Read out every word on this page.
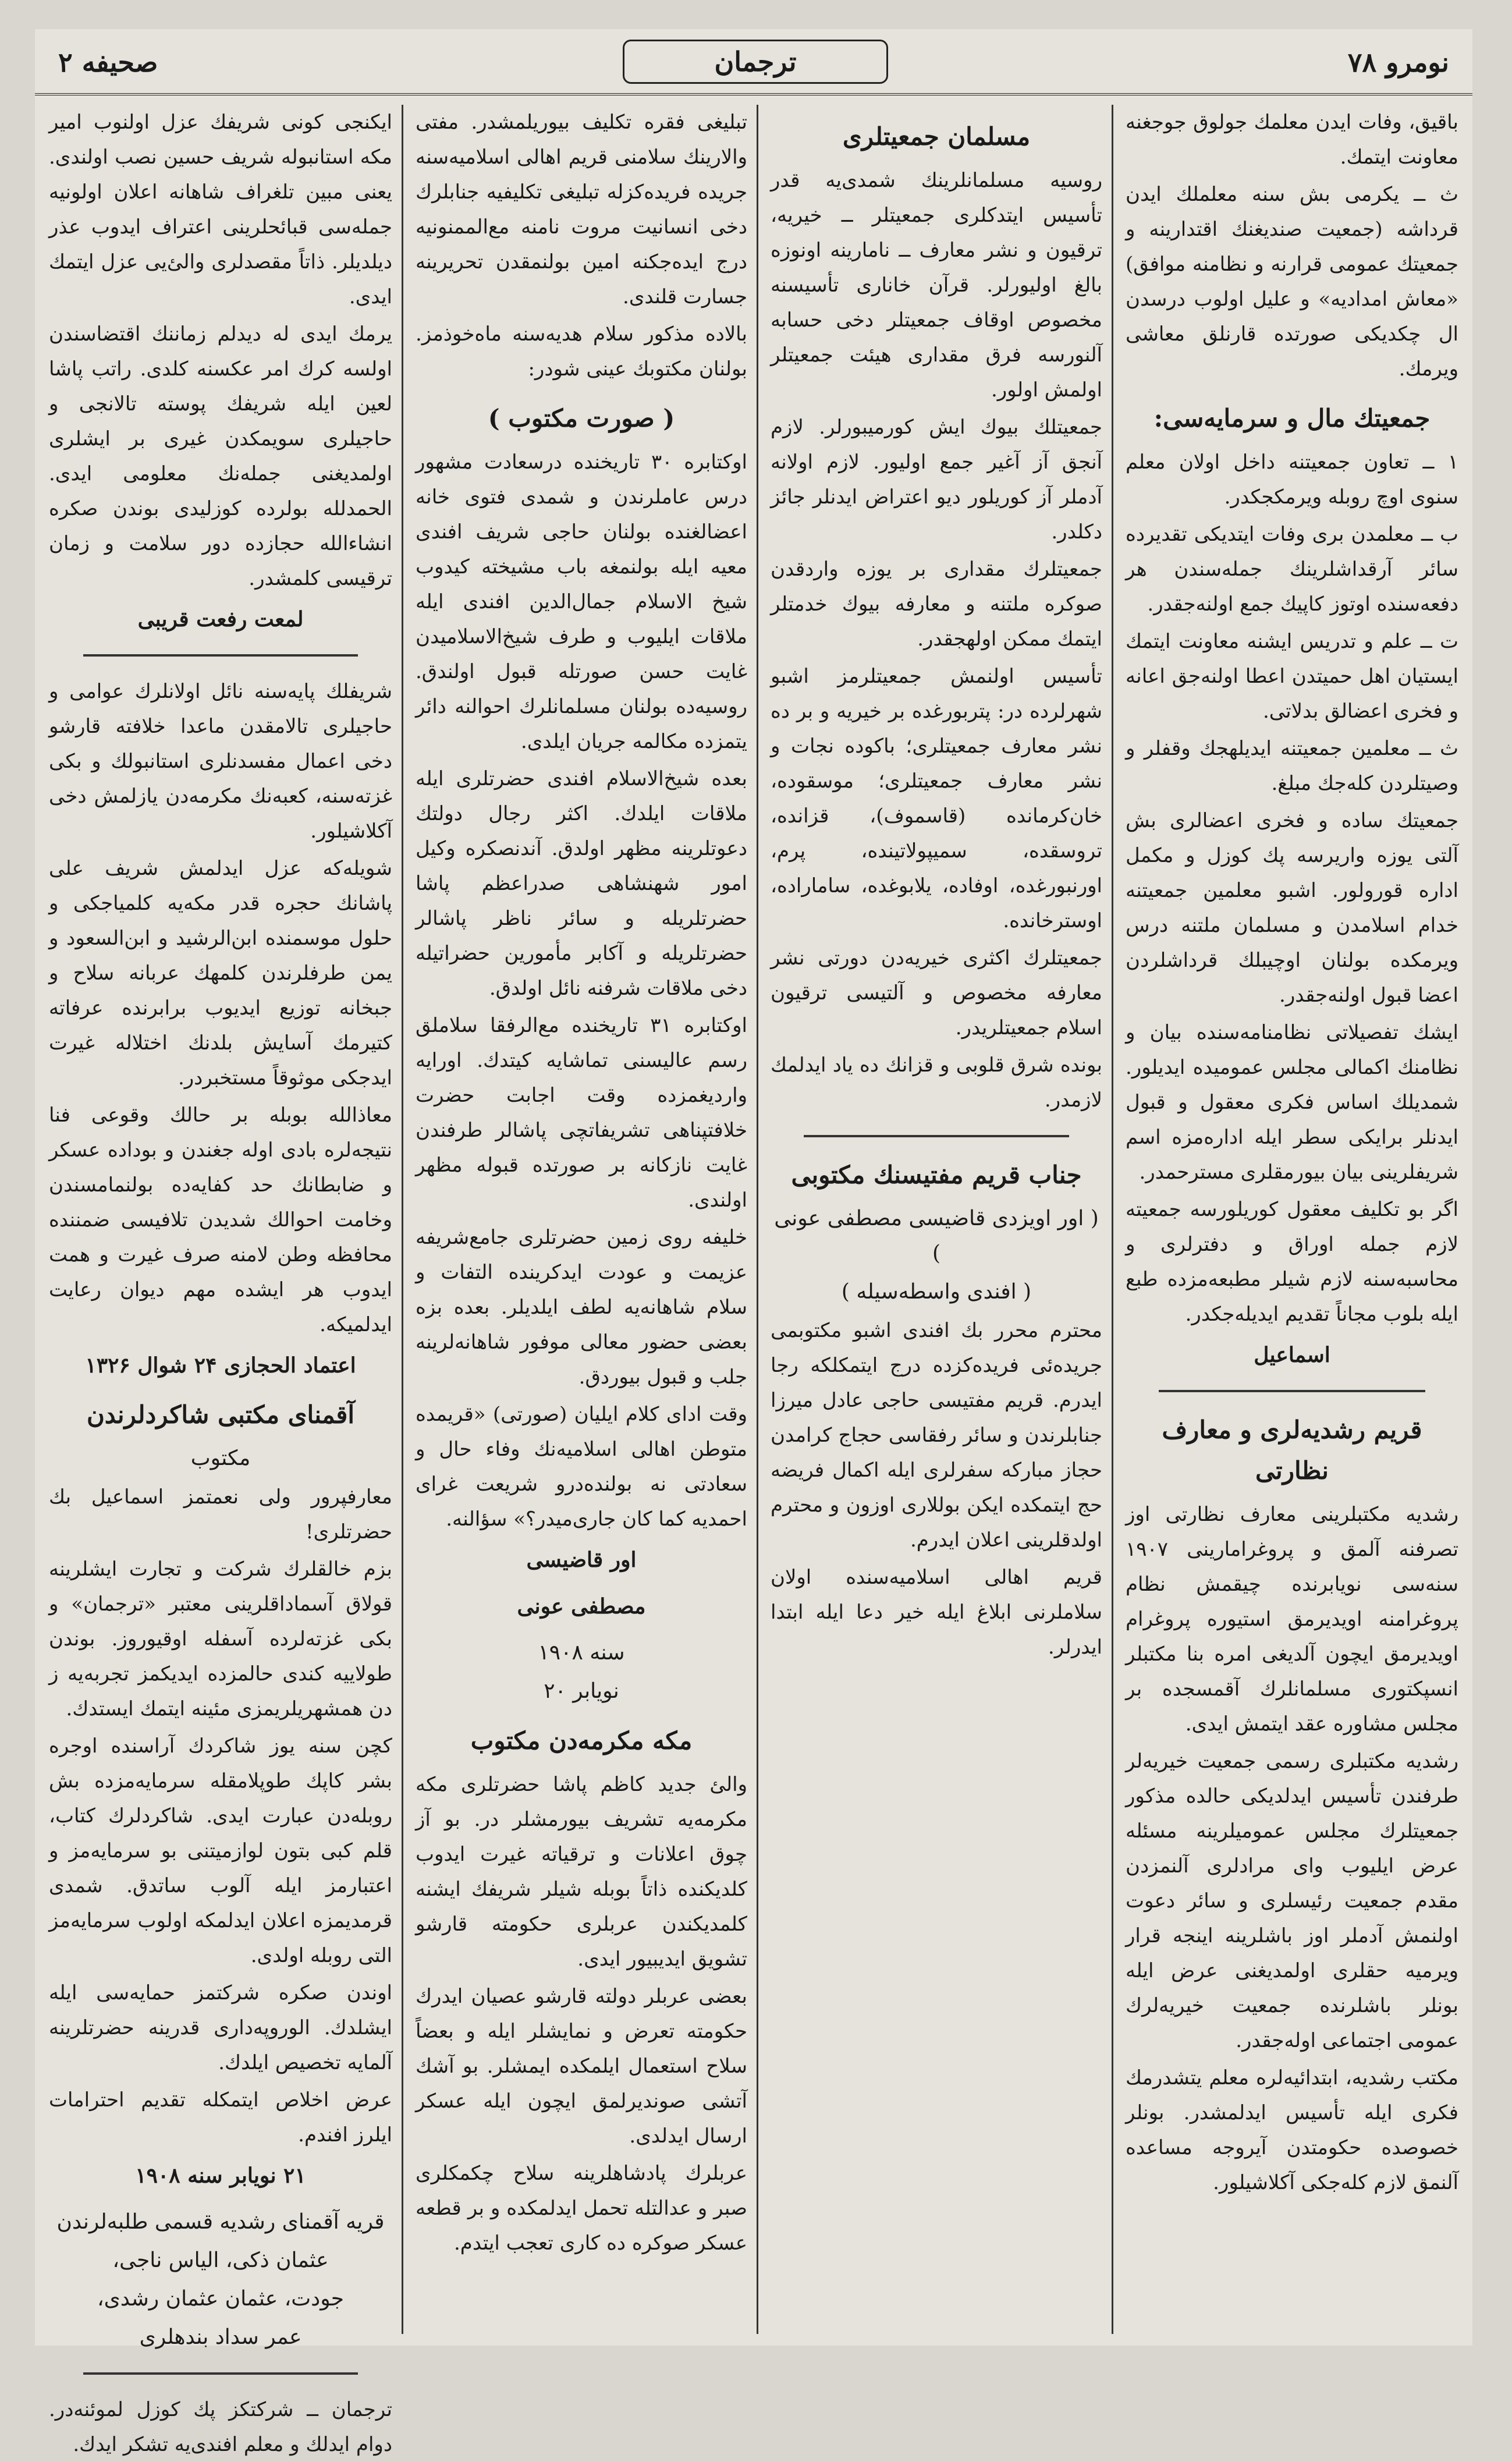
نومرو ۷۸
ترجمان
صحیفه ۲

باقیق، وفات ایدن معلمك جولوق جوجغنه معاونت ایتمك.

ث ــ یكرمی بش سنه معلملك ایدن قرداشه (جمعیت صندیغنك اقتدارینه و جمعیتك عمومی قرارنه و نظامنه موافق) «معاش امدادیه» و علیل اولوب درسدن ال چكدیكی صورتده قارنلق معاشی ویرمك.

جمعیتك مال و سرمایه‌سی:

۱ ــ تعاون جمعیتنه داخل اولان معلم سنوی اوچ روبله ویرمكجكدر.

ب ــ معلمدن بری وفات ایتدیكی تقدیرده سائر آرقداشلرینك جمله‌سندن هر دفعه‌سنده اوتوز كاپیك جمع اولنه‌جقدر.

ت ــ علم و تدریس ایشنه معاونت ایتمك ایستیان اهل حمیتدن اعطا اولنه‌جق اعانه و فخری اعضالق بدلاتی.

ث ــ معلمین جمعیتنه ایدیلهجك وقفلر و وصیتلردن كله‌جك مبلغ.

جمعیتك ساده و فخری اعضالری بش آلتی یوزه واریرسه پك كوزل و مكمل اداره قورولور. اشبو معلمین جمعیتنه خدام اسلامدن و مسلمان ملتنه درس ویرمكده بولنان اوچیبلك قرداشلردن اعضا قبول اولنه‌جقدر.

ایشك تفصیلاتی نظامنامه‌سنده بیان و نظامنك اكمالی مجلس عمومیده ایدیلور. شمدیلك اساس فكری معقول و قبول ایدنلر برایكی سطر ایله اداره‌مزه اسم شریفلرینی بیان بیورمقلری مسترحمدر.

اگر بو تكلیف معقول كوریلورسه جمعیته لازم جمله اوراق و دفترلری و محاسبه‌سنه لازم شیلر مطبعه‌مزده طبع ایله بلوب مجاناً تقدیم ایدیله‌جكدر.

اسماعیل
قریم رشدیه‌لری و معارف نظارتی

رشدیه مكتبلرینی معارف نظارتی اوز تصرفنه آلمق و پروغرامارینی ۱۹۰۷ سنه‌سی نویابرنده چیقمش نظام پروغرامنه اویدیرمق استیوره پروغرام اویدیرمق ایچون آلدیغی امره بنا مكتبلر انسپكتوری مسلمانلرك آقمسجده بر مجلس مشاوره عقد ایتمش ایدی.

رشدیه مكتبلری رسمی جمعیت خیریه‌لر طرفندن تأسیس ایدلدیكی حالده مذكور جمعیتلرك مجلس عمومیلرینه مسئله عرض ایلیوب وای مرادلری آلنمزدن مقدم جمعیت رئیسلری و سائر دعوت اولنمش آدملر اوز باشلرینه اینجه قرار ویرمیه حقلری اولمدیغنی عرض ایله بونلر باشلرنده جمعیت خیریه‌لرك عمومی اجتماعی اوله‌جقدر.

مكتب رشدیه، ابتدائیه‌لره معلم یتشدرمك فكری ایله تأسیس ایدلمشدر. بونلر خصوصده حكومتدن آیروجه مساعده آلنمق لازم كله‌جكی آكلاشیلور.

مسلمان جمعیتلری

روسیه مسلمانلرینك شمدی‌یه قدر تأسیس ایتدكلری جمعیتلر ــ خیریه، ترقیون و نشر معارف ــ نامارینه اونوزه بالغ اولیورلر. قرآن خاناری تأسیسنه مخصوص اوقاف جمعیتلر دخی حسابه آلنورسه فرق مقداری هیئت جمعیتلر اولمش اولور.

جمعیتلك بیوك ایش كورمیبورلر. لازم آنجق آز آغیر جمع اولیور. لازم اولانه آدملر آز كوریلور دیو اعتراض ایدنلر جائز دكلدر.

جمعیتلرك مقداری بر یوزه واردقدن صوكره ملتنه و معارفه بیوك خدمتلر ایتمك ممكن اولهجقدر.

تأسیس اولنمش جمعیتلرمز اشبو شهرلرده در: پتربورغده بر خیریه و بر ده نشر معارف جمعیتلری؛ باكوده نجات و نشر معارف جمعیتلری؛ موسقوده، خان‌كرمانده (قاسموف)، قزانده، تروسقده، سمیپولاتینده، پرم، اورنبورغده، اوفاده، یلابوغده، ساماراده، اوسترخانده.

جمعیتلرك اكثری خیریه‌دن دورتی نشر معارفه مخصوص و آلتیسی ترقیون اسلام جمعیتلریدر.

بونده شرق قلوبی و قزانك ده یاد ایدلمك لازمدر.

جناب قریم مفتیسنك مكتوبی
( اور اویزدی قاضیسی مصطفی عونی )
( افندی واسطه‌سیله )

محترم محرر بك افندی اشبو مكتوبمی جریده‌ئی فریده‌كزده درج ایتمكلكه رجا ایدرم. قریم مفتیسی حاجی عادل میرزا جنابلرندن و سائر رفقاسی حجاج كرامدن حجاز مباركه سفرلری ایله اكمال فریضه حج ایتمكده ایكن بوللاری اوزون و محترم اولدقلرینی اعلان ایدرم.

قریم اهالی اسلامیه‌سنده اولان سلاملرنی ابلاغ ایله خیر دعا ایله ابتدا ایدرلر.

تبلیغی فقره تكلیف بیوریلمشدر. مفتی والارینك سلامنی قریم اهالی اسلامیه‌سنه جریده فریده‌كزله تبلیغی تكلیفیه جنابلرك دخی انسانیت مروت نامنه مع‌الممنونیه درج ایده‌جكنه امین بولنمقدن تحریرینه جسارت قلندی.

بالاده مذكور سلام هدیه‌سنه ماه‌خوذمز. بولنان مكتوبك عینی شودر:

( صورت مكتوب )

اوكتابره ۳۰ تاریخنده درسعادت مشهور درس عاملرندن و شمدی فتوی خانه اعضالغنده بولنان حاجی شریف افندی معیه ایله بولنمغه باب مشیخته كیدوب شیخ الاسلام جمال‌الدین افندی ایله ملاقات ایلیوب و طرف شیخ‌الاسلامیدن غایت حسن صورتله قبول اولندق. روسیه‌ده بولنان مسلمانلرك احوالنه دائر یتمزده مكالمه جریان ایلدی.

بعده شیخ‌الاسلام افندی حضرتلری ایله ملاقات ایلدك. اكثر رجال دولتك دعوتلرینه مظهر اولدق. آندنصكره وكیل امور شهنشاهی صدراعظم پاشا حضرتلریله و سائر ناظر پاشالر حضرتلریله و آكابر مأمورین حضراتیله دخی ملاقات شرفنه نائل اولدق.

اوكتابره ۳۱ تاریخنده مع‌الرفقا سلاملق رسم عالیسنی تماشایه كیتدك. اورایه واردیغمزده وقت اجابت حضرت خلافتپناهی تشریفاتچی پاشالر طرفندن غایت نازكانه بر صورتده قبوله مظهر اولندی.

خلیفه روی زمین حضرتلری جامع‌شریفه عزیمت و عودت ایدكرینده التفات و سلام شاهانه‌یه لطف ایلدیلر. بعده بزه بعضی حضور معالی موفور شاهانه‌لرینه جلب و قبول بیوردق.

وقت ادای كلام ایلیان (صورتی) «قریمده متوطن اهالی اسلامیه‌نك وفاء حال و سعادتی نه بولنده‌درو شریعت غرای احمدیه كما كان جاری‌میدر؟» سؤالنه.

اور قاضیسی
مصطفی عونی
سنه ۱۹۰۸
نویابر ۲۰
مكه مكرمه‌دن مكتوب

والئ جدید كاظم پاشا حضرتلری مكه مكرمه‌یه تشریف بیورمشلر در. بو آز چوق اعلانات و ترقیاته غیرت ایدوب كلدیكنده ذاتاً بوبله شیلر شریفك ایشنه كلمدیكندن عربلری حكومته قارشو تشویق ایدیبیور ایدی.

بعضی عربلر دولته قارشو عصیان ایدرك حكومته تعرض و نمایشلر ایله و بعضاً سلاح استعمال ایلمكده ایمشلر. بو آشك آتشی صوندیرلمق ایچون ایله عسكر ارسال ایدلدی.

عربلرك پادشاهلرینه سلاح چكمكلری صبر و عدالتله تحمل ایدلمكده و بر قطعه عسكر صوكره ده كاری تعجب ایتدم.

ایكنجی كونی شریفك عزل اولنوب امیر مكه استانبوله شریف حسین نصب اولندی. یعنی مبین تلغراف شاهانه اعلان اولونیه جمله‌سی قبائحلرینی اعتراف ایدوب عذر دیلدیلر. ذاتاً مقصدلری والئ‌یی عزل ایتمك ایدی.

یرمك ایدی له دیدلم زماننك اقتضاسندن اولسه كرك امر عكسنه كلدی. راتب پاشا لعین ایله شریفك پوسته تالانجی و حاجیلری سویمكدن غیری بر ایشلری اولمدیغنی جمله‌نك معلومی ایدی. الحمدلله بولرده كوزلیدی بوندن صكره انشاءالله حجازده دور سلامت و زمان ترقیسی كلمشدر.

لمعت رفعت قریبی

شریفلك پایه‌سنه نائل اولانلرك عوامی و حاجیلری تالامقدن ماعدا خلافته قارشو دخی اعمال مفسدنلری استانبولك و بكی غزته‌سنه، كعبه‌نك مكرمه‌دن یازلمش دخی آكلاشیلور.

شویله‌كه عزل ایدلمش شریف علی پاشانك حجره قدر مكه‌یه كلمیاجكی و حلول موسمنده ابن‌الرشید و ابن‌السعود و یمن طرفلرندن كلمهك عربانه سلاح و جبخانه توزیع ایدیوب برابرنده عرفاته كتیرمك آسایش بلدنك اختلاله غیرت ایدجكی موثوقاً مستخبردر.

معاذالله بوبله بر حالك وقوعی فنا نتیجه‌لره بادی اوله جغندن و بوداده عسكر و ضابطانك حد كفایه‌ده بولنمامسندن وخامت احوالك شدیدن تلافیسی ضمننده محافظه وطن لامنه صرف غیرت و همت ایدوب هر ایشده مهم دیوان رعایت ایدلمیكه.

اعتماد الحجازی ۲۴ شوال ۱۳۲۶
آقمنای مكتبی شاكردلرندن
مكتوب

معارفپرور ولی نعمتمز اسماعیل بك حضرتلری!

بزم خالقلرك شركت و تجارت ایشلرینه قولاق آسماداقلرینی معتبر «ترجمان» و بكی غزته‌لرده آسفله اوقیوروز. بوندن طولاییه كندی حالمزده ایدیكمز تجربه‌یه ز دن همشهریلریمزی مئینه ایتمك ایستدك.

كچن سنه یوز شاكردك آراسنده اوجره بشر كاپك طوپلامقله سرمایه‌مزده بش روبله‌دن عبارت ایدی. شاكردلرك كتاب، قلم كبی بتون لوازمیتنی بو سرمایه‌مز و اعتبارمز ایله آلوب ساتدق. شمدی قرمدیمزه اعلان ایدلمكه اولوب سرمایه‌مز التی روبله اولدی.

اوندن صكره شركتمز حمایه‌سی ایله ایشلدك. الوروپه‌داری قدرینه حضرتلرینه آلمایه تخصیص ایلدك.

عرض اخلاص ایتمكله تقدیم احترامات ایلرز افندم.

۲۱ نویابر سنه ۱۹۰۸
قریه آقمنای رشدیه قسمی طلبه‌لرندن
عثمان ذكی، الیاس ناجی،
جودت، عثمان عثمان رشدی،
عمر سداد بندهلری

ترجمان ــ شركتكز پك كوزل لموئنه‌در. دوام ایدلك و معلم افندی‌یه تشكر ایدك.
